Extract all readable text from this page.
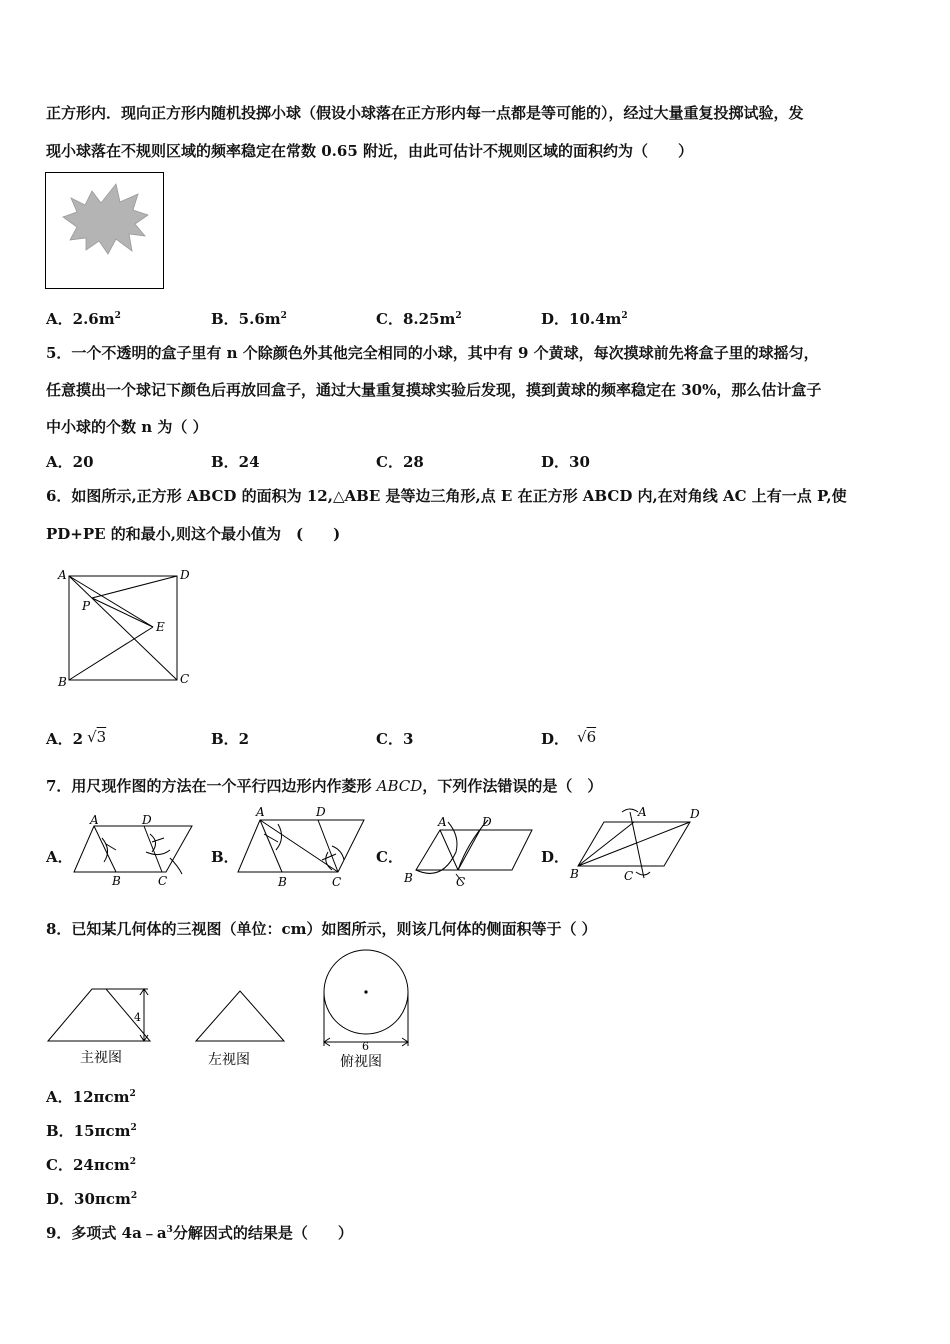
正方形内．现向正方形内随机投掷小球（假设小球落在正方形内每一点都是等可能的），经过大量重复投掷试验，发
现小球落在不规则区域的频率稳定在常数 0.65 附近，由此可估计不规则区域的面积约为（　　）
A．$2.6m^2$	B．$5.6m^2$	C．$8.25m^2$	D．$10.4m^2$
5．一个不透明的盒子里有 n 个除颜色外其他完全相同的小球，其中有 9 个黄球，每次摸球前先将盒子里的球摇匀，
任意摸出一个球记下颜色后再放回盒子，通过大量重复摸球实验后发现，摸到黄球的频率稳定在 30%，那么估计盒子
中小球的个数 n 为（ ）
A．20	B．24	C．28	D．30
6．如图所示,正方形 ABCD 的面积为 12,△ABE 是等边三角形,点 E 在正方形 ABCD 内,在对角线 AC 上有一点 P,使
PD+PE 的和最小,则这个最小值为　(　　)
A	D
B	C
E
P
A．2 √3	B．2	C．3	D． √6
7．用尺现作图的方法在一个平行四边形内作菱形 ABCD，下列作法错误的是（　）
A．
A	D
B	C
B．
A	D
B	C
C．
A	D
B	C
D．
A	D
B	C
8．已知某几何体的三视图（单位：cm）如图所示，则该几何体的侧面积等于（ ）
4
主视图	左视图
6
俯视图
A．12πcm$^2$
B．15πcm$^2$
C．24πcm$^2$
D．30πcm$^2$
9．多项式 $4a﹣a^3$分解因式的结果是（　　）
